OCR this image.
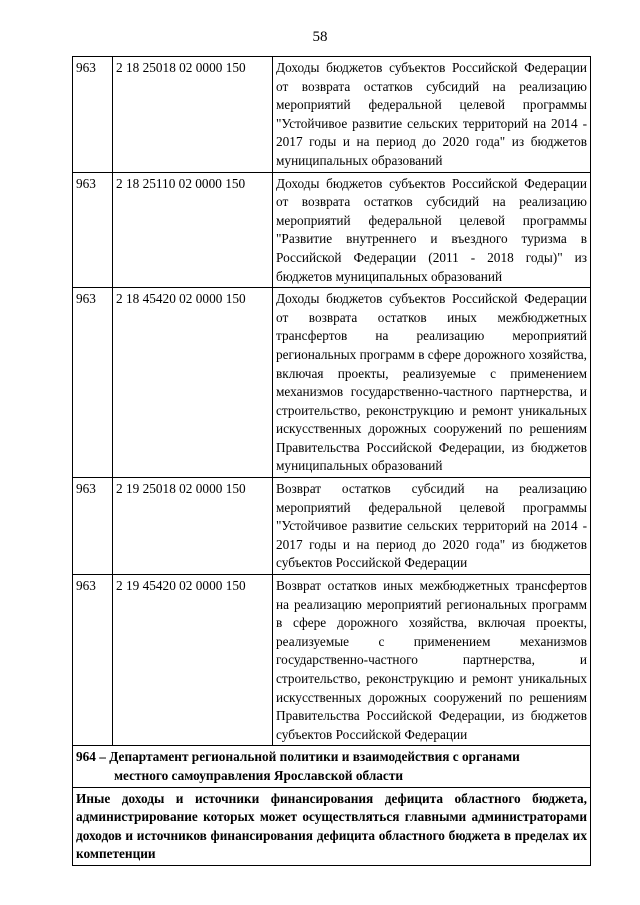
58
963	2 18 25018 02 0000 150	Доходы бюджетов субъектов Российской Федерации от возврата остатков субсидий на реализацию мероприятий федеральной целевой программы "Устойчивое развитие сельских территорий на 2014 - 2017 годы и на период до 2020 года" из бюджетов муниципальных образований
963	2 18 25110 02 0000 150	Доходы бюджетов субъектов Российской Федерации от возврата остатков субсидий на реализацию мероприятий федеральной целевой программы "Развитие внутреннего и въездного туризма в Российской Федерации (2011 - 2018 годы)" из бюджетов муниципальных образований
963	2 18 45420 02 0000 150	Доходы бюджетов субъектов Российской Федерации от возврата остатков иных межбюджетных трансфертов на реализацию мероприятий региональных программ в сфере дорожного хозяйства, включая проекты, реализуемые с применением механизмов государственно-частного партнерства, и строительство, реконструкцию и ремонт уникальных искусственных дорожных сооружений по решениям Правительства Российской Федерации, из бюджетов муниципальных образований
963	2 19 25018 02 0000 150	Возврат остатков субсидий на реализацию мероприятий федеральной целевой программы "Устойчивое развитие сельских территорий на 2014 - 2017 годы и на период до 2020 года" из бюджетов субъектов Российской Федерации
963	2 19 45420 02 0000 150	Возврат остатков иных межбюджетных трансфертов на реализацию мероприятий региональных программ в сфере дорожного хозяйства, включая проекты, реализуемые с применением механизмов государственно-частного партнерства, и строительство, реконструкцию и ремонт уникальных искусственных дорожных сооружений по решениям Правительства Российской Федерации, из бюджетов субъектов Российской Федерации

964 – Департамент региональной политики и взаимодействия с органами
местного самоуправления Ярославской области		

Иные доходы и источники финансирования дефицита областного бюджета, администрирование которых может осуществляться главными администраторами доходов и источников финансирования дефицита областного бюджета в пределах их компетенции		
